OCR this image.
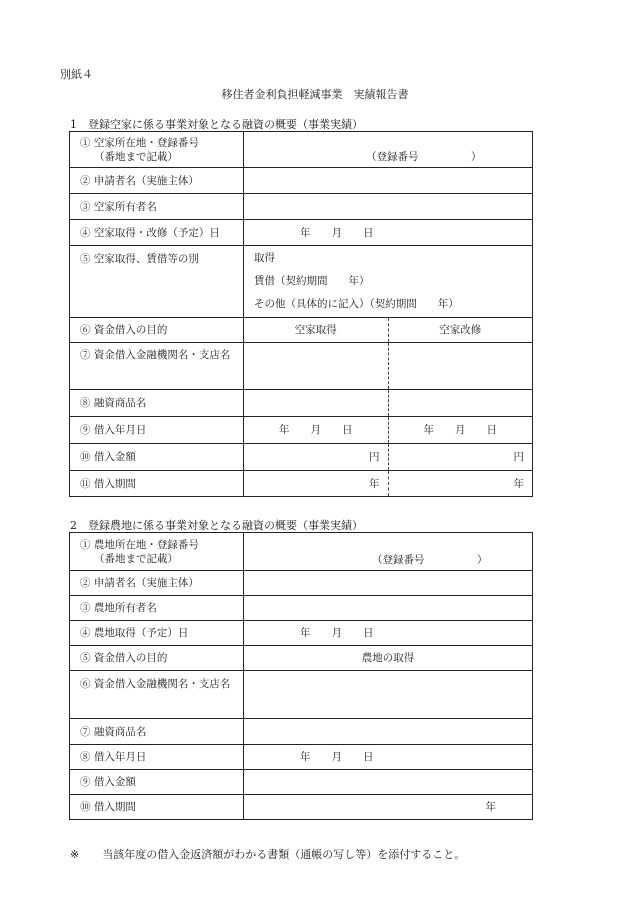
別紙４
移住者金利負担軽減事業　実績報告書
1　登録空家に係る事業対象となる融資の概要（事業実績）
① 空家所在地・登録番号
（番地まで記載）	（登録番号　　　　　）

② 申請者名（実施主体）	
③ 空家所有者名	
④ 空家取得・改修（予定）日	年　　月　　日
⑤ 空家取得、賃借等の別	取得
賃借（契約期間　　年）
その他（具体的に記入）（契約期間　　年）

⑥ 資金借入の目的	空家取得 空家改修

⑦ 資金借入金融機関名・支店名	

⑧ 融資商品名	

⑨ 借入年月日	年　　月　　日 年　　月　　日

⑩ 借入金額	円 円

⑪ 借入期間	年 年
2　登録農地に係る事業対象となる融資の概要（事業実績）
① 農地所在地・登録番号
（番地まで記載）	（登録番号　　　　　）

② 申請者名（実施主体）	
③ 農地所有者名	
④ 農地取得（予定）日	年　　月　　日
⑤ 資金借入の目的	農地の取得
⑥ 資金借入金融機関名・支店名	
⑦ 融資商品名	
⑧ 借入年月日	年　　月　　日
⑨ 借入金額	
⑩ 借入期間	年
※ 当該年度の借入金返済額がわかる書類（通帳の写し等）を添付すること。
